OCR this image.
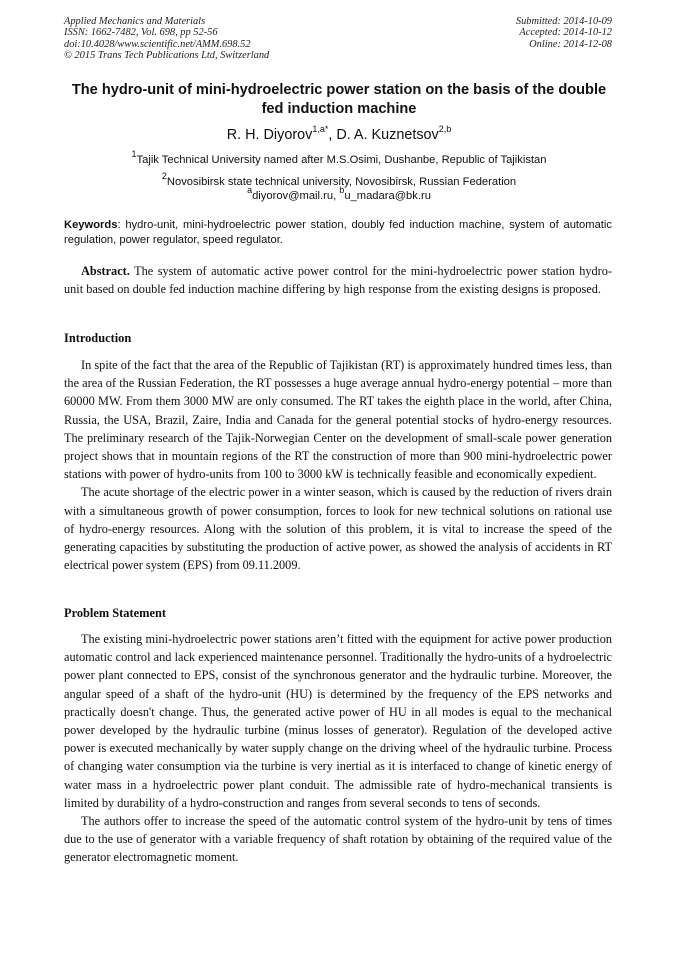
Applied Mechanics and Materials
ISSN: 1662-7482, Vol. 698, pp 52-56
doi:10.4028/www.scientific.net/AMM.698.52
© 2015 Trans Tech Publications Ltd, Switzerland
Submitted: 2014-10-09
Accepted: 2014-10-12
Online: 2014-12-08
The hydro-unit of mini-hydroelectric power station on the basis of the double fed induction machine
R. H. Diyorov$^{1,a*}$, D. A. Kuznetsov$^{2,b}$
$^1$Tajik Technical University named after M.S.Osimi, Dushanbe, Republic of Tajikistan
$^2$Novosibirsk state technical university, Novosibirsk, Russian Federation
$^a$diyorov@mail.ru, $^b$u_madara@bk.ru
Keywords: hydro-unit, mini-hydroelectric power station, doubly fed induction machine, system of automatic regulation, power regulator, speed regulator.

Abstract. The system of automatic active power control for the mini-hydroelectric power station hydro-unit based on double fed induction machine differing by high response from the existing designs is proposed.

Introduction

In spite of the fact that the area of the Republic of Tajikistan (RT) is approximately hundred times less, than the area of the Russian Federation, the RT possesses a huge average annual hydro-energy potential – more than 60000 MW. From them 3000 MW are only consumed. The RT takes the eighth place in the world, after China, Russia, the USA, Brazil, Zaire, India and Canada for the general potential stocks of hydro-energy resources. The preliminary research of the Tajik-Norwegian Center on the development of small-scale power generation project shows that in mountain regions of the RT the construction of more than 900 mini-hydroelectric power stations with power of hydro-units from 100 to 3000 kW is technically feasible and economically expedient.

The acute shortage of the electric power in a winter season, which is caused by the reduction of rivers drain with a simultaneous growth of power consumption, forces to look for new technical solutions on rational use of hydro-energy resources. Along with the solution of this problem, it is vital to increase the speed of the generating capacities by substituting the production of active power, as showed the analysis of accidents in RT electrical power system (EPS) from 09.11.2009.

Problem Statement

The existing mini-hydroelectric power stations aren’t fitted with the equipment for active power production automatic control and lack experienced maintenance personnel. Traditionally the hydro-units of a hydroelectric power plant connected to EPS, consist of the synchronous generator and the hydraulic turbine. Moreover, the angular speed of a shaft of the hydro-unit (HU) is determined by the frequency of the EPS networks and practically doesn't change. Thus, the generated active power of HU in all modes is equal to the mechanical power developed by the hydraulic turbine (minus losses of generator). Regulation of the developed active power is executed mechanically by water supply change on the driving wheel of the hydraulic turbine. Process of changing water consumption via the turbine is very inertial as it is interfaced to change of kinetic energy of water mass in a hydroelectric power plant conduit. The admissible rate of hydro-mechanical transients is limited by durability of a hydro-construction and ranges from several seconds to tens of seconds.

The authors offer to increase the speed of the automatic control system of the hydro-unit by tens of times due to the use of generator with a variable frequency of shaft rotation by obtaining of the required value of the generator electromagnetic moment.
